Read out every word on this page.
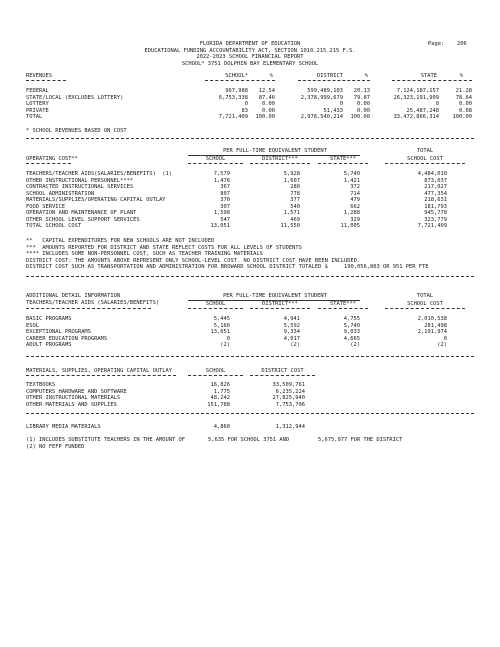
FLORIDA DEPARTMENT OF EDUCATION
EDUCATIONAL FUNDING ACCOUNTABILITY ACT, SECTION 1010.215.215 F.S.
2022-2023 SCHOOL FINANCIAL REPORT
SCHOOL* 3751 DOLPHIN BAY ELEMENTARY SCHOOL
Page: 206
REVENUES	SCHOOL*	%	DISTRICT	%	STATE	%
FEDERAL	967,988	12.54	599,489,103	20.13	7,124,187,157	21.28
STATE/LOCAL (EXCLUDES LOTTERY)	6,753,338	87.46	2,378,999,679	79.87	26,323,191,909	78.64
LOTTERY	0	0.00	0	0.00	0	0.00
PRIVATE	83	0.00	51,433	0.00	25,487,248	0.08
TOTAL	7,721,409	100.00	2,978,540,214	100.00	33,472,866,314	100.00
* SCHOOL REVENUES BASED ON COST
PER FULL-TIME EQUIVALENT STUDENT	TOTAL
OPERATING COST**	SCHOOL	DISTRICT***	STATE***	SCHOOL COST
TEACHERS/TEACHER AIDS(SALARIES/BENEFITS)  (1)	7,579	5,928	5,740	4,484,010
OTHER INSTRUCTIONAL PERSONNEL****	1,476	1,607	1,421	873,037
CONTRACTED INSTRUCTIONAL SERVICES	367	280	372	217,027
SCHOOL ADMINISTRATION	807	778	714	477,354
MATERIALS/SUPPLIES/OPERATING CAPITAL OUTLAY	370	377	479	218,631
FOOD SERVICE	307	540	662	181,793
OPERATION AND MAINTENANCE OF PLANT	1,598	1,571	1,288	945,778
OTHER SCHOOL LEVEL SUPPORT SERVICES	547	469	329	323,779
TOTAL SCHOOL COST	13,051	11,550	11,005	7,721,409
**   CAPITAL EXPENDITURES FOR NEW SCHOOLS ARE NOT INCLUDED
***  AMOUNTS REPORTED FOR DISTRICT AND STATE REFLECT COSTS FOR ALL LEVELS OF STUDENTS
**** INCLUDES SOME NON-PERSONNEL COST, SUCH AS TEACHER TRAINING MATERIALS
DISTRICT COST: THE AMOUNTS ABOVE REPRESENT ONLY SCHOOL-LEVEL COST. NO DISTRICT COST HAVE BEEN INCLUDED.
DISTRICT COST SUCH AS TRANSPORTATION AND ADMINISTRATION FOR BROWARD SCHOOL DISTRICT TOTALED $     190,056,803 OR 951 PER FTE
ADDITIONAL DETAIL INFORMATION
TEACHERS/TEACHER AIDS (SALARIES/BENEFITS)
PER FULL-TIME EQUIVALENT STUDENT	TOTAL
SCHOOL	DISTRICT***	STATE***	SCHOOL COST
BASIC PROGRAMS	5,445	4,941	4,755	2,010,538
ESOL	5,166	5,592	5,740	281,498
EXCEPTIONAL PROGRAMS	13,051	9,334	9,033	2,191,974
CAREER EDUCATION PROGRAMS	0	4,017	4,665	0
ADULT PROGRAMS	(2)	(2)	(2)	(2)
MATERIALS, SUPPLIES, OPERATING CAPITAL OUTLAY	SCHOOL	DISTRICT COST
TEXTBOOKS	16,826	33,509,761
COMPUTERS HARDWARE AND SOFTWARE	1,775	6,235,224
OTHER INSTRUCTIONAL MATERIALS	48,242	27,825,940
OTHER MATERIALS AND SUPPLIES	151,788	7,753,706
LIBRARY MEDIA MATERIALS	4,860	1,312,944
(1) INCLUDES SUBSTITUTE TEACHERS IN THE AMOUNT OF	5,635 FOR SCHOOL 3751 AND	5,675,977 FOR THE DISTRICT
(2) NO FEFP FUNDED
